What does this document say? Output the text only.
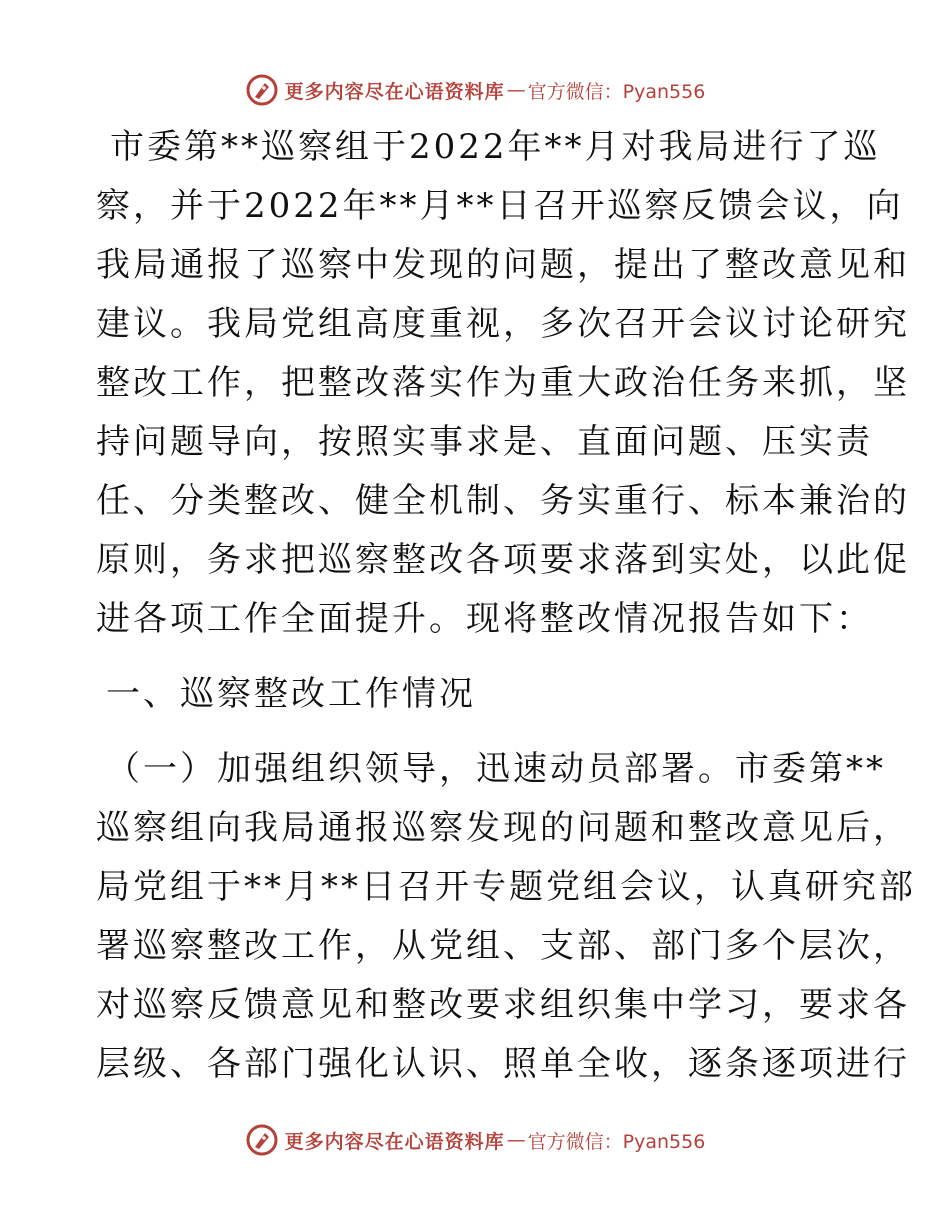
更多内容尽在心语资料库 — 官方微信：Pyan556
市委第**巡察组于2022年**月对我局进行了巡
察，并于2022年**月**日召开巡察反馈会议，向
我局通报了巡察中发现的问题，提出了整改意见和
建议。我局党组高度重视，多次召开会议讨论研究
整改工作，把整改落实作为重大政治任务来抓，坚
持问题导向，按照实事求是、直面问题、压实责
任、分类整改、健全机制、务实重行、标本兼治的
原则，务求把巡察整改各项要求落到实处，以此促
进各项工作全面提升。现将整改情况报告如下：
一、巡察整改工作情况
（一）加强组织领导，迅速动员部署。市委第**
巡察组向我局通报巡察发现的问题和整改意见后，
局党组于**月**日召开专题党组会议，认真研究部
署巡察整改工作，从党组、支部、部门多个层次，
对巡察反馈意见和整改要求组织集中学习，要求各
层级、各部门强化认识、照单全收，逐条逐项进行
更多内容尽在心语资料库 — 官方微信：Pyan556
